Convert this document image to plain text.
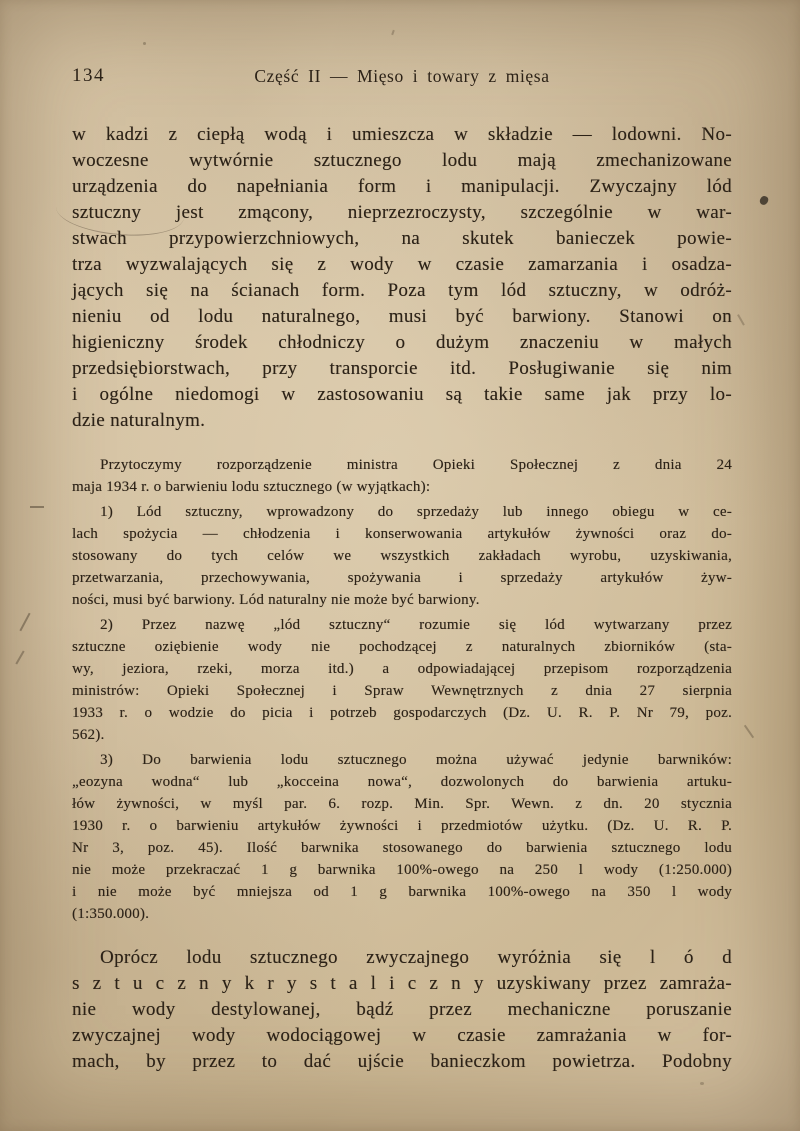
134	Część II — Mięso i towary z mięsa
w kadzi z ciepłą wodą i umieszcza w składzie — lodowni. No-
woczesne wytwórnie sztucznego lodu mają zmechanizowane
urządzenia do napełniania form i manipulacji. Zwyczajny lód
sztuczny jest zmącony, nieprzezroczysty, szczególnie w war-
stwach przypowierzchniowych, na skutek banieczek powie-
trza wyzwalających się z wody w czasie zamarzania i osadza-
jących się na ścianach form. Poza tym lód sztuczny, w odróż-
nieniu od lodu naturalnego, musi być barwiony. Stanowi on
higieniczny środek chłodniczy o dużym znaczeniu w małych
przedsiębiorstwach, przy transporcie itd. Posługiwanie się nim
i ogólne niedomogi w zastosowaniu są takie same jak przy lo-
dzie naturalnym.
Przytoczymy rozporządzenie ministra Opieki Społecznej z dnia 24
maja 1934 r. o barwieniu lodu sztucznego (w wyjątkach):
1) Lód sztuczny, wprowadzony do sprzedaży lub innego obiegu w ce-
lach spożycia — chłodzenia i konserwowania artykułów żywności oraz do-
stosowany do tych celów we wszystkich zakładach wyrobu, uzyskiwania,
przetwarzania, przechowywania, spożywania i sprzedaży artykułów żyw-
ności, musi być barwiony. Lód naturalny nie może być barwiony.
2) Przez nazwę „lód sztuczny“ rozumie się lód wytwarzany przez
sztuczne oziębienie wody nie pochodzącej z naturalnych zbiorników (sta-
wy, jeziora, rzeki, morza itd.) a odpowiadającej przepisom rozporządzenia
ministrów: Opieki Społecznej i Spraw Wewnętrznych z dnia 27 sierpnia
1933 r. o wodzie do picia i potrzeb gospodarczych (Dz. U. R. P. Nr 79, poz.
562).
3) Do barwienia lodu sztucznego można używać jedynie barwników:
„eozyna wodna“ lub „kocceina nowa“, dozwolonych do barwienia artuku-
łów żywności, w myśl par. 6. rozp. Min. Spr. Wewn. z dn. 20 stycznia
1930 r. o barwieniu artykułów żywności i przedmiotów użytku. (Dz. U. R. P.
Nr 3, poz. 45). Ilość barwnika stosowanego do barwienia sztucznego lodu
nie może przekraczać 1 g barwnika 100%-owego na 250 l wody (1:250.000)
i nie może być mniejsza od 1 g barwnika 100%-owego na 350 l wody
(1:350.000).
Oprócz lodu sztucznego zwyczajnego wyróżnia się l ó d
s z t u c z n y k r y s t a l i c z n y uzyskiwany przez zamraża-
nie wody destylowanej, bądź przez mechaniczne poruszanie
zwyczajnej wody wodociągowej w czasie zamrażania w for-
mach, by przez to dać ujście banieczkom powietrza. Podobny
